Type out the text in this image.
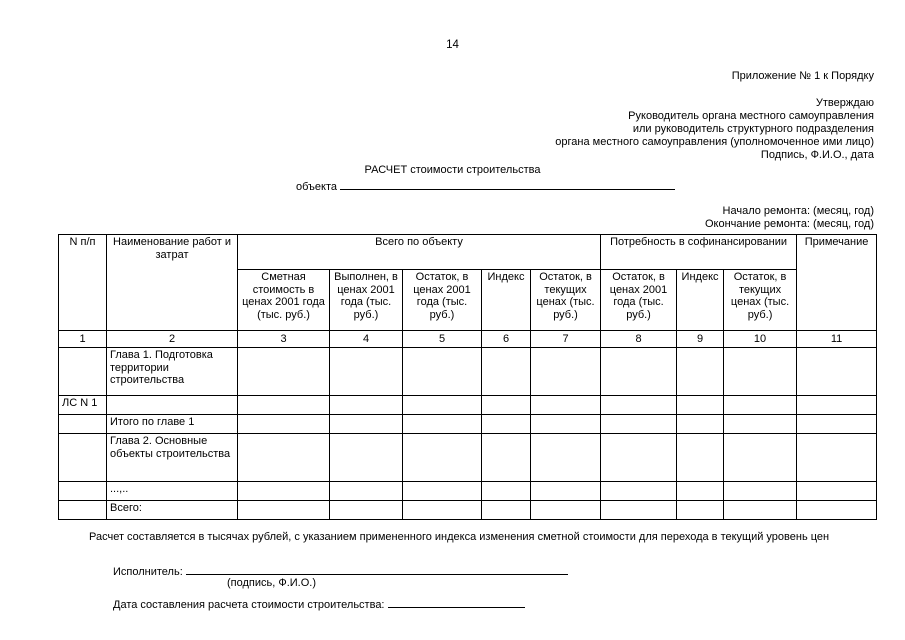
14
Приложение № 1 к Порядку
Утверждаю
Руководитель органа местного самоуправления
или руководитель структурного подразделения
органа местного самоуправления (уполномоченное ими лицо)
Подпись, Ф.И.О., дата
РАСЧЕТ стоимости строительства
объекта
Начало ремонта: (месяц, год)
Окончание ремонта: (месяц, год)
N п/п	Наименование работ и затрат	Всего по объекту					Потребность в софинансировании			Примечание
		Сметная стоимость в ценах 2001 года (тыс. руб.)	Выполнен, в ценах 2001 года (тыс. руб.)	Остаток, в ценах 2001 года (тыс. руб.)	Индекс	Остаток, в текущих ценах (тыс. руб.)	Остаток, в ценах 2001 года (тыс. руб.)	Индекс	Остаток, в текущих ценах (тыс. руб.)	
1	2	3	4	5	6	7	8	9	10	11
	Глава 1. Подготовка территории строительства									
ЛС N 1										
	Итого по главе 1									
	Глава 2. Основные объекты строительства									
	...,..									
	Всего:									
Расчет составляется в тысячах рублей, с указанием примененного индекса изменения сметной стоимости для перехода в текущий уровень цен
Исполнитель:
(подпись, Ф.И.О.)
Дата составления расчета стоимости строительства:
